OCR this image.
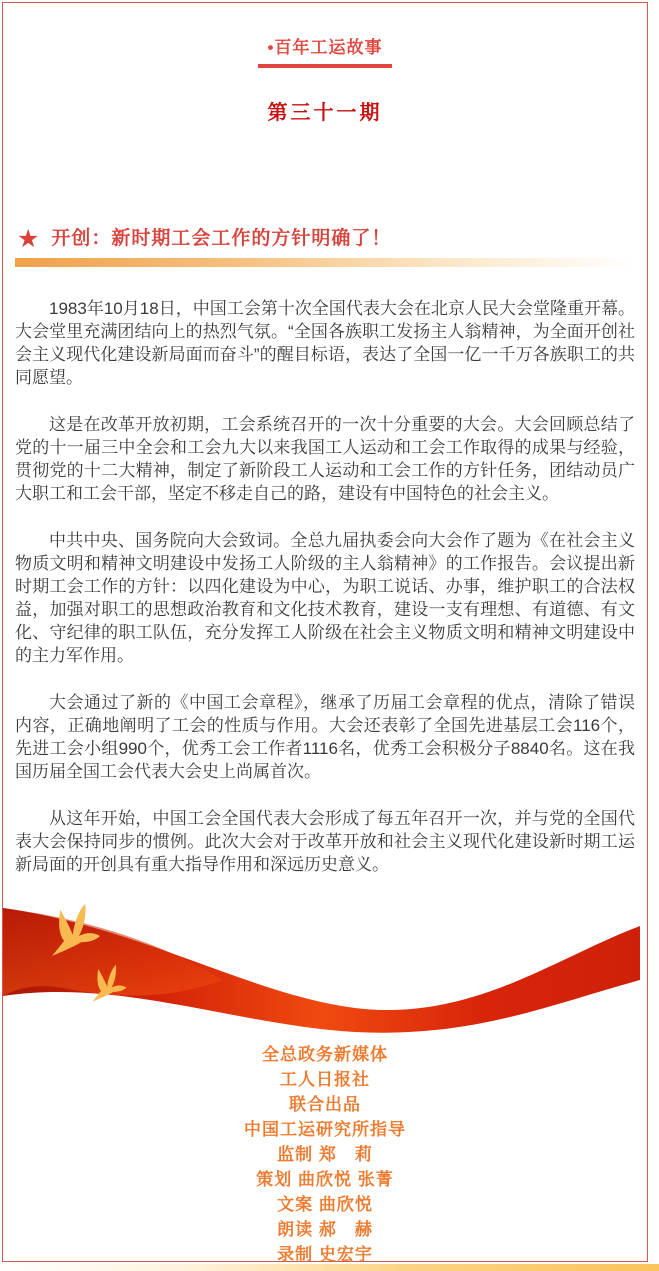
•百年工运故事
第三十一期
★ 开创：新时期工会工作的方针明确了！

1983年10月18日，中国工会第十次全国代表大会在北京人民大会堂隆重开幕。大会堂里充满团结向上的热烈气氛。“全国各族职工发扬主人翁精神，为全面开创社会主义现代化建设新局面而奋斗”的醒目标语，表达了全国一亿一千万各族职工的共同愿望。

这是在改革开放初期，工会系统召开的一次十分重要的大会。大会回顾总结了党的十一届三中全会和工会九大以来我国工人运动和工会工作取得的成果与经验，贯彻党的十二大精神，制定了新阶段工人运动和工会工作的方针任务，团结动员广大职工和工会干部，坚定不移走自己的路，建设有中国特色的社会主义。

中共中央、国务院向大会致词。全总九届执委会向大会作了题为《在社会主义物质文明和精神文明建设中发扬工人阶级的主人翁精神》的工作报告。会议提出新时期工会工作的方针：以四化建设为中心，为职工说话、办事，维护职工的合法权益，加强对职工的思想政治教育和文化技术教育，建设一支有理想、有道德、有文化、守纪律的职工队伍，充分发挥工人阶级在社会主义物质文明和精神文明建设中的主力军作用。

大会通过了新的《中国工会章程》，继承了历届工会章程的优点，清除了错误内容，正确地阐明了工会的性质与作用。大会还表彰了全国先进基层工会116个，先进工会小组990个，优秀工会工作者1116名，优秀工会积极分子8840名。这在我国历届全国工会代表大会史上尚属首次。

从这年开始，中国工会全国代表大会形成了每五年召开一次，并与党的全国代表大会保持同步的惯例。此次大会对于改革开放和社会主义现代化建设新时期工运新局面的开创具有重大指导作用和深远历史意义。

全总政务新媒体
工人日报社
联合出品
中国工运研究所指导
监制 郑　莉
策划 曲欣悦 张菁
文案 曲欣悦
朗读 郝　赫
录制 史宏宇
